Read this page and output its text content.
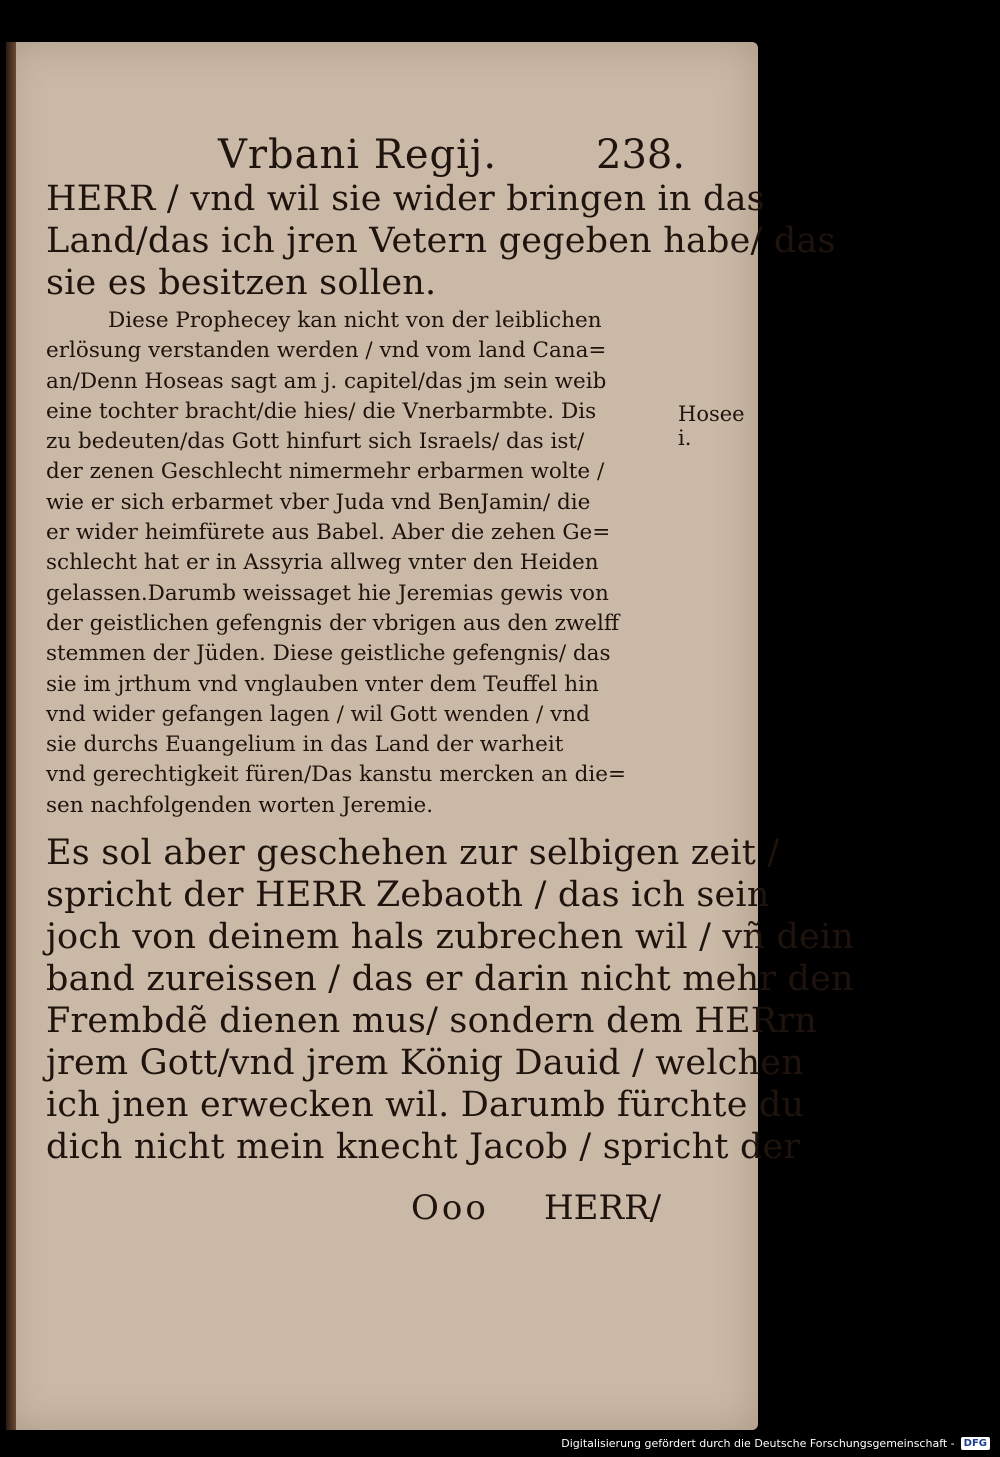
Vrbani Regij. 238.
HERR / vnd wil sie wider bringen in das
Land/das ich jren Vetern gegeben habe/ das
sie es besitzen sollen.
Diese Prophecey kan nicht von der leiblichen
erlösung verstanden werden / vnd vom land Cana=
an/Denn Hoseas sagt am j. capitel/das jm sein weib
eine tochter bracht/die hies/ die Vnerbarmbte. Dis
zu bedeuten/das Gott hinfurt sich Israels/ das ist/
der zenen Geschlecht nimermehr erbarmen wolte /
wie er sich erbarmet vber Juda vnd BenJamin/ die
er wider heimfürete aus Babel. Aber die zehen Ge=
schlecht hat er in Assyria allweg vnter den Heiden
gelassen.Darumb weissaget hie Jeremias gewis von
der geistlichen gefengnis der vbrigen aus den zwelff
stemmen der Jüden. Diese geistliche gefengnis/ das
sie im jrthum vnd vnglauben vnter dem Teuffel hin
vnd wider gefangen lagen / wil Gott wenden / vnd
sie durchs Euangelium in das Land der warheit
vnd gerechtigkeit füren/Das kanstu mercken an die=
sen nachfolgenden worten Jeremie.
Hosee i.
Es sol aber geschehen zur selbigen zeit /
spricht der HERR Zebaoth / das ich sein
joch von deinem hals zubrechen wil / vñ dein
band zureissen / das er darin nicht mehr den
Frembdẽ dienen mus/ sondern dem HERrn
jrem Gott/vnd jrem König Dauid / welchen
ich jnen erwecken wil. Darumb fürchte du
dich nicht mein knecht Jacob / spricht der
Ooo HERR/
Digitalisierung gefördert durch die Deutsche Forschungsgemeinschaft - DFG
